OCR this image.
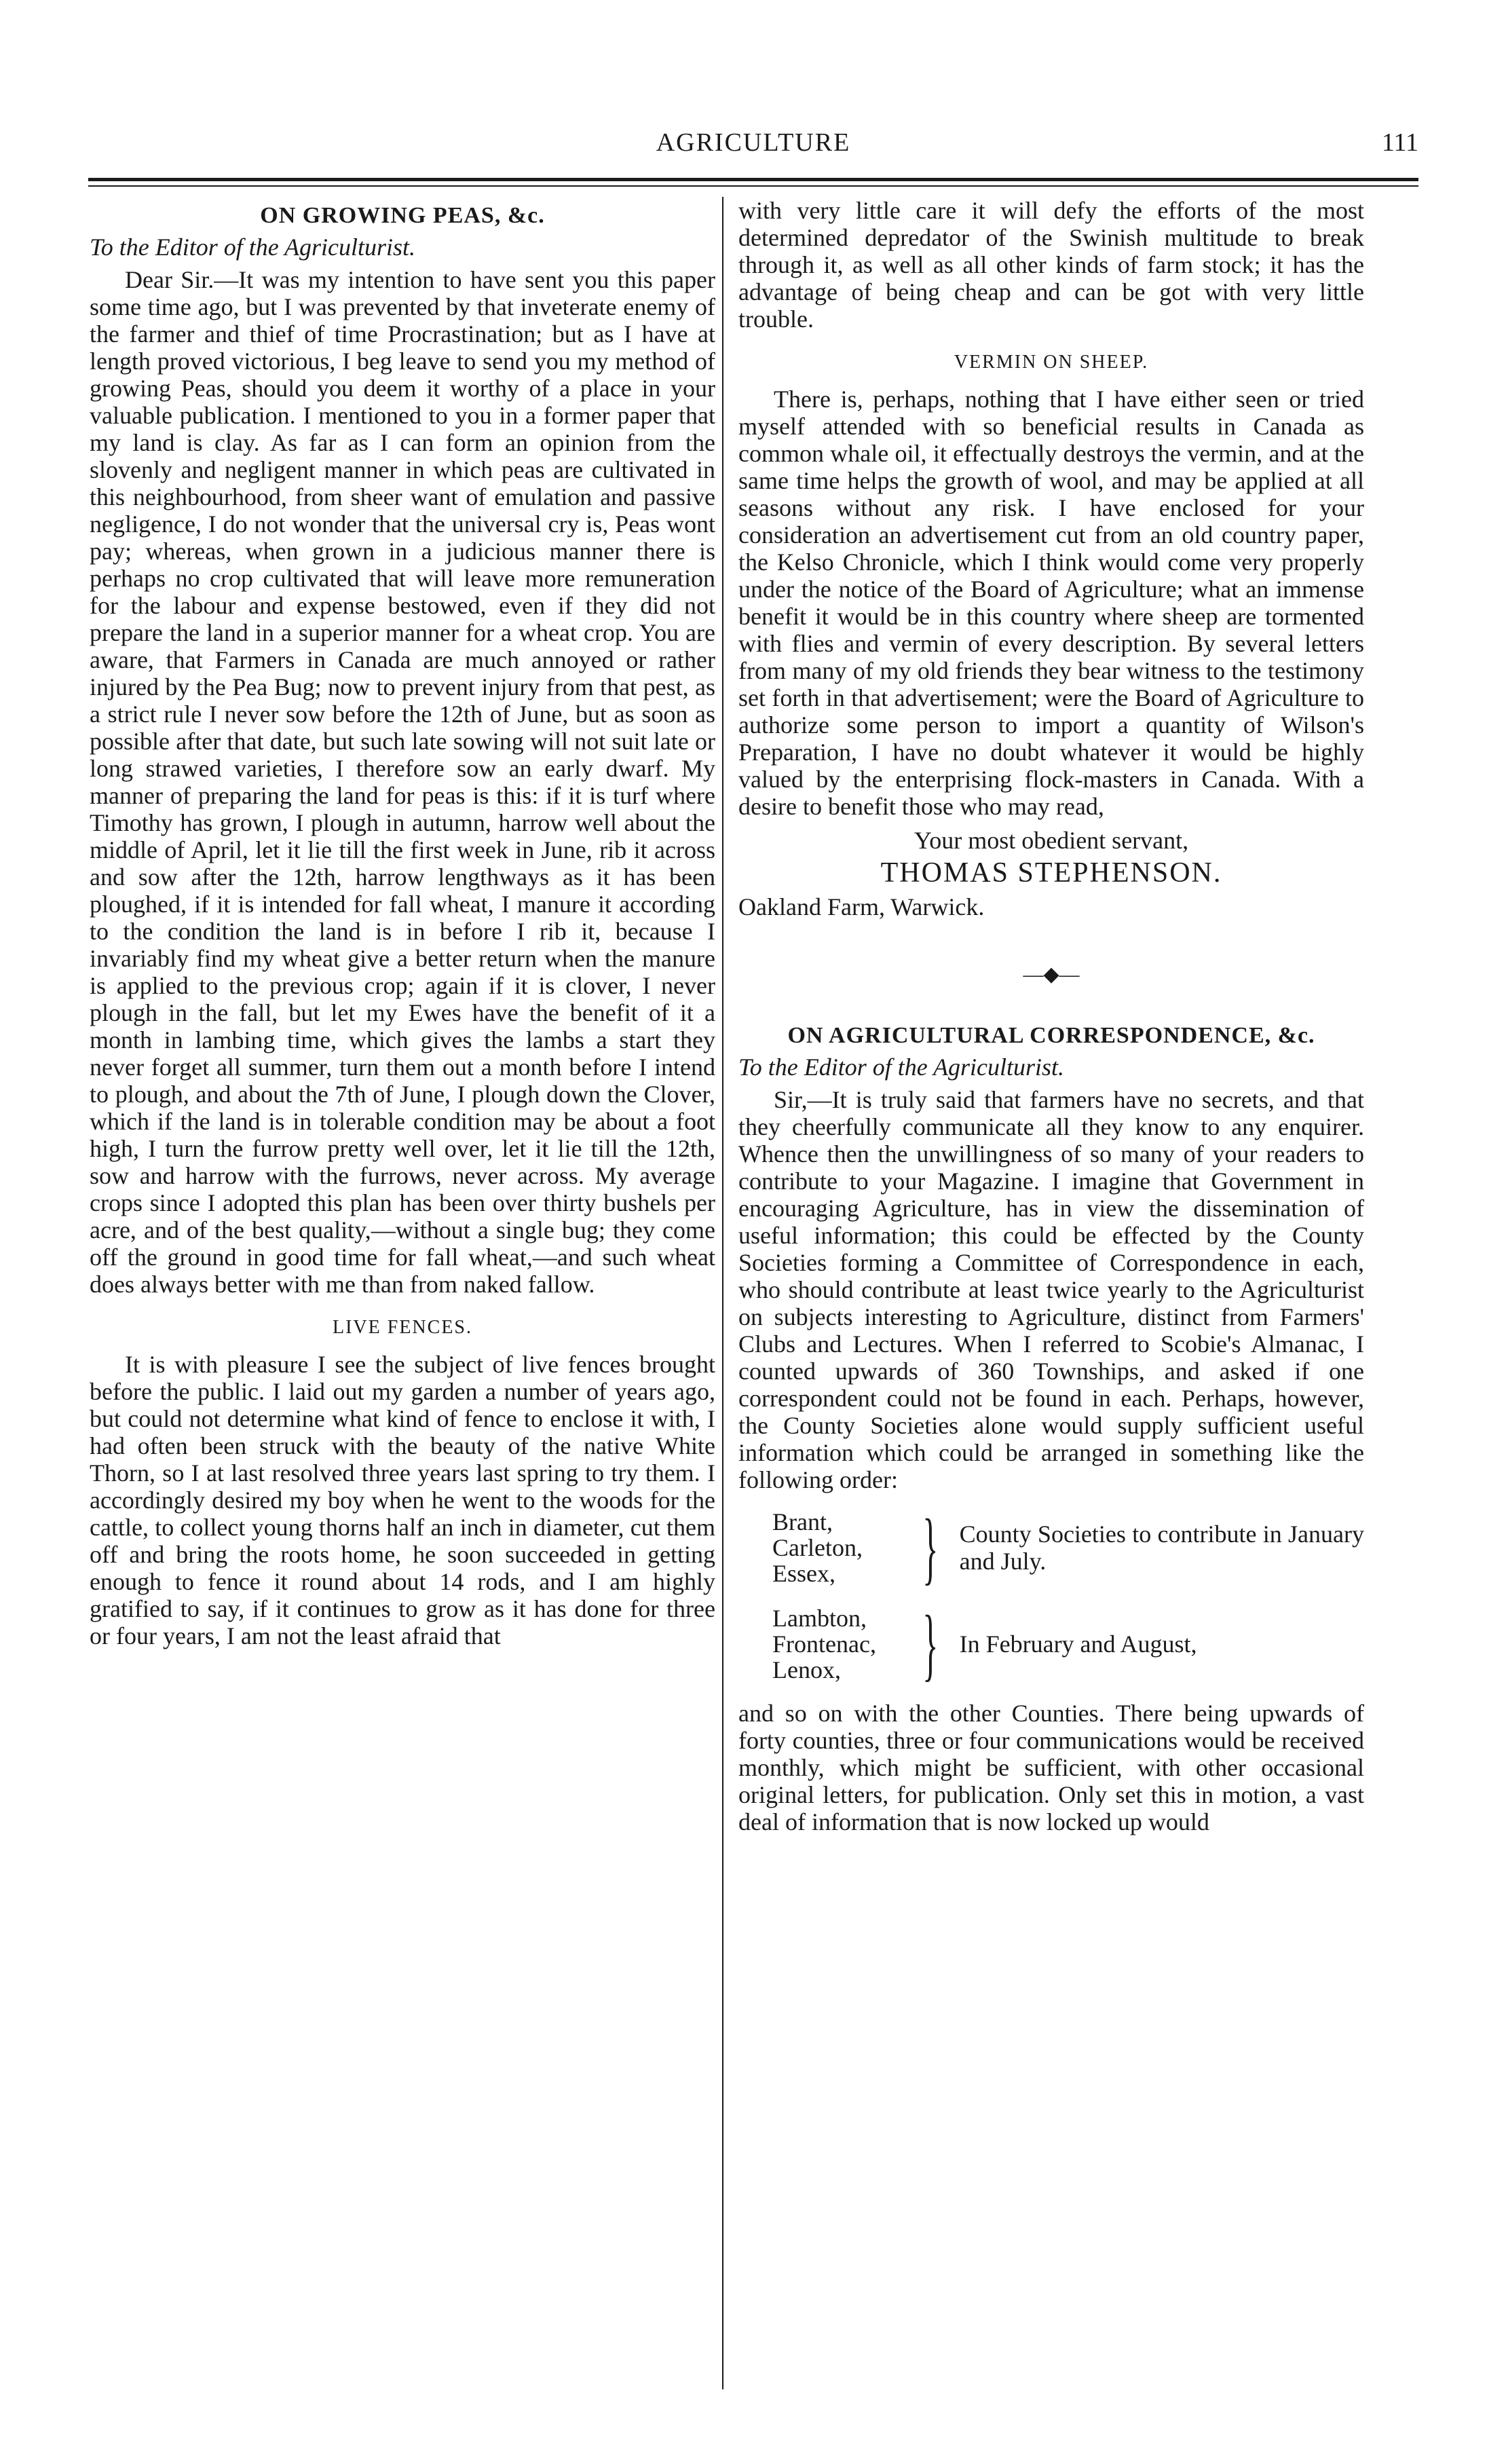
AGRICULTURE	111
ON GROWING PEAS, &c.
To the Editor of the Agriculturist.

Dear Sir.—It was my intention to have sent you this paper some time ago, but I was prevented by that inveterate enemy of the farmer and thief of time Procrastination; but as I have at length proved victorious, I beg leave to send you my method of growing Peas, should you deem it worthy of a place in your valuable publication. I mentioned to you in a former paper that my land is clay. As far as I can form an opinion from the slovenly and negligent manner in which peas are cultivated in this neighbourhood, from sheer want of emulation and passive negligence, I do not wonder that the universal cry is, Peas wont pay; whereas, when grown in a judicious manner there is perhaps no crop cultivated that will leave more remuneration for the labour and expense bestowed, even if they did not prepare the land in a superior manner for a wheat crop. You are aware, that Farmers in Canada are much annoyed or rather injured by the Pea Bug; now to prevent injury from that pest, as a strict rule I never sow before the 12th of June, but as soon as possible after that date, but such late sowing will not suit late or long strawed varieties, I therefore sow an early dwarf. My manner of preparing the land for peas is this: if it is turf where Timothy has grown, I plough in autumn, harrow well about the middle of April, let it lie till the first week in June, rib it across and sow after the 12th, harrow lengthways as it has been ploughed, if it is intended for fall wheat, I manure it according to the condition the land is in before I rib it, because I invariably find my wheat give a better return when the manure is applied to the previous crop; again if it is clover, I never plough in the fall, but let my Ewes have the benefit of it a month in lambing time, which gives the lambs a start they never forget all summer, turn them out a month before I intend to plough, and about the 7th of June, I plough down the Clover, which if the land is in tolerable condition may be about a foot high, I turn the furrow pretty well over, let it lie till the 12th, sow and harrow with the furrows, never across. My average crops since I adopted this plan has been over thirty bushels per acre, and of the best quality,—without a single bug; they come off the ground in good time for fall wheat,—and such wheat does always better with me than from naked fallow.

LIVE FENCES.

It is with pleasure I see the subject of live fences brought before the public. I laid out my garden a number of years ago, but could not determine what kind of fence to enclose it with, I had often been struck with the beauty of the native White Thorn, so I at last resolved three years last spring to try them. I accordingly desired my boy when he went to the woods for the cattle, to collect young thorns half an inch in diameter, cut them off and bring the roots home, he soon succeeded in getting enough to fence it round about 14 rods, and I am highly gratified to say, if it continues to grow as it has done for three or four years, I am not the least afraid that

with very little care it will defy the efforts of the most determined depredator of the Swinish multitude to break through it, as well as all other kinds of farm stock; it has the advantage of being cheap and can be got with very little trouble.

VERMIN ON SHEEP.

There is, perhaps, nothing that I have either seen or tried myself attended with so beneficial results in Canada as common whale oil, it effectually destroys the vermin, and at the same time helps the growth of wool, and may be applied at all seasons without any risk. I have enclosed for your consideration an advertisement cut from an old country paper, the Kelso Chronicle, which I think would come very properly under the notice of the Board of Agriculture; what an immense benefit it would be in this country where sheep are tormented with flies and vermin of every description. By several letters from many of my old friends they bear witness to the testimony set forth in that advertisement; were the Board of Agriculture to authorize some person to import a quantity of Wilson's Preparation, I have no doubt whatever it would be highly valued by the enterprising flock-masters in Canada. With a desire to benefit those who may read,

Your most obedient servant,
THOMAS STEPHENSON.

Oakland Farm, Warwick.

—◆—
ON AGRICULTURAL CORRESPONDENCE, &c.
To the Editor of the Agriculturist.

Sir,—It is truly said that farmers have no secrets, and that they cheerfully communicate all they know to any enquirer. Whence then the unwillingness of so many of your readers to contribute to your Magazine. I imagine that Government in encouraging Agriculture, has in view the dissemination of useful information; this could be effected by the County Societies forming a Committee of Correspondence in each, who should contribute at least twice yearly to the Agriculturist on subjects interesting to Agriculture, distinct from Farmers' Clubs and Lectures. When I referred to Scobie's Almanac, I counted upwards of 360 Townships, and asked if one correspondent could not be found in each. Perhaps, however, the County Societies alone would supply sufficient useful information which could be arranged in something like the following order:

Brant,
Carleton,
Essex,	} County Societies to contribute in January and July.
Lambton,
Frontenac,
Lenox,	} In February and August,

and so on with the other Counties. There being upwards of forty counties, three or four communications would be received monthly, which might be sufficient, with other occasional original letters, for publication. Only set this in motion, a vast deal of information that is now locked up would
